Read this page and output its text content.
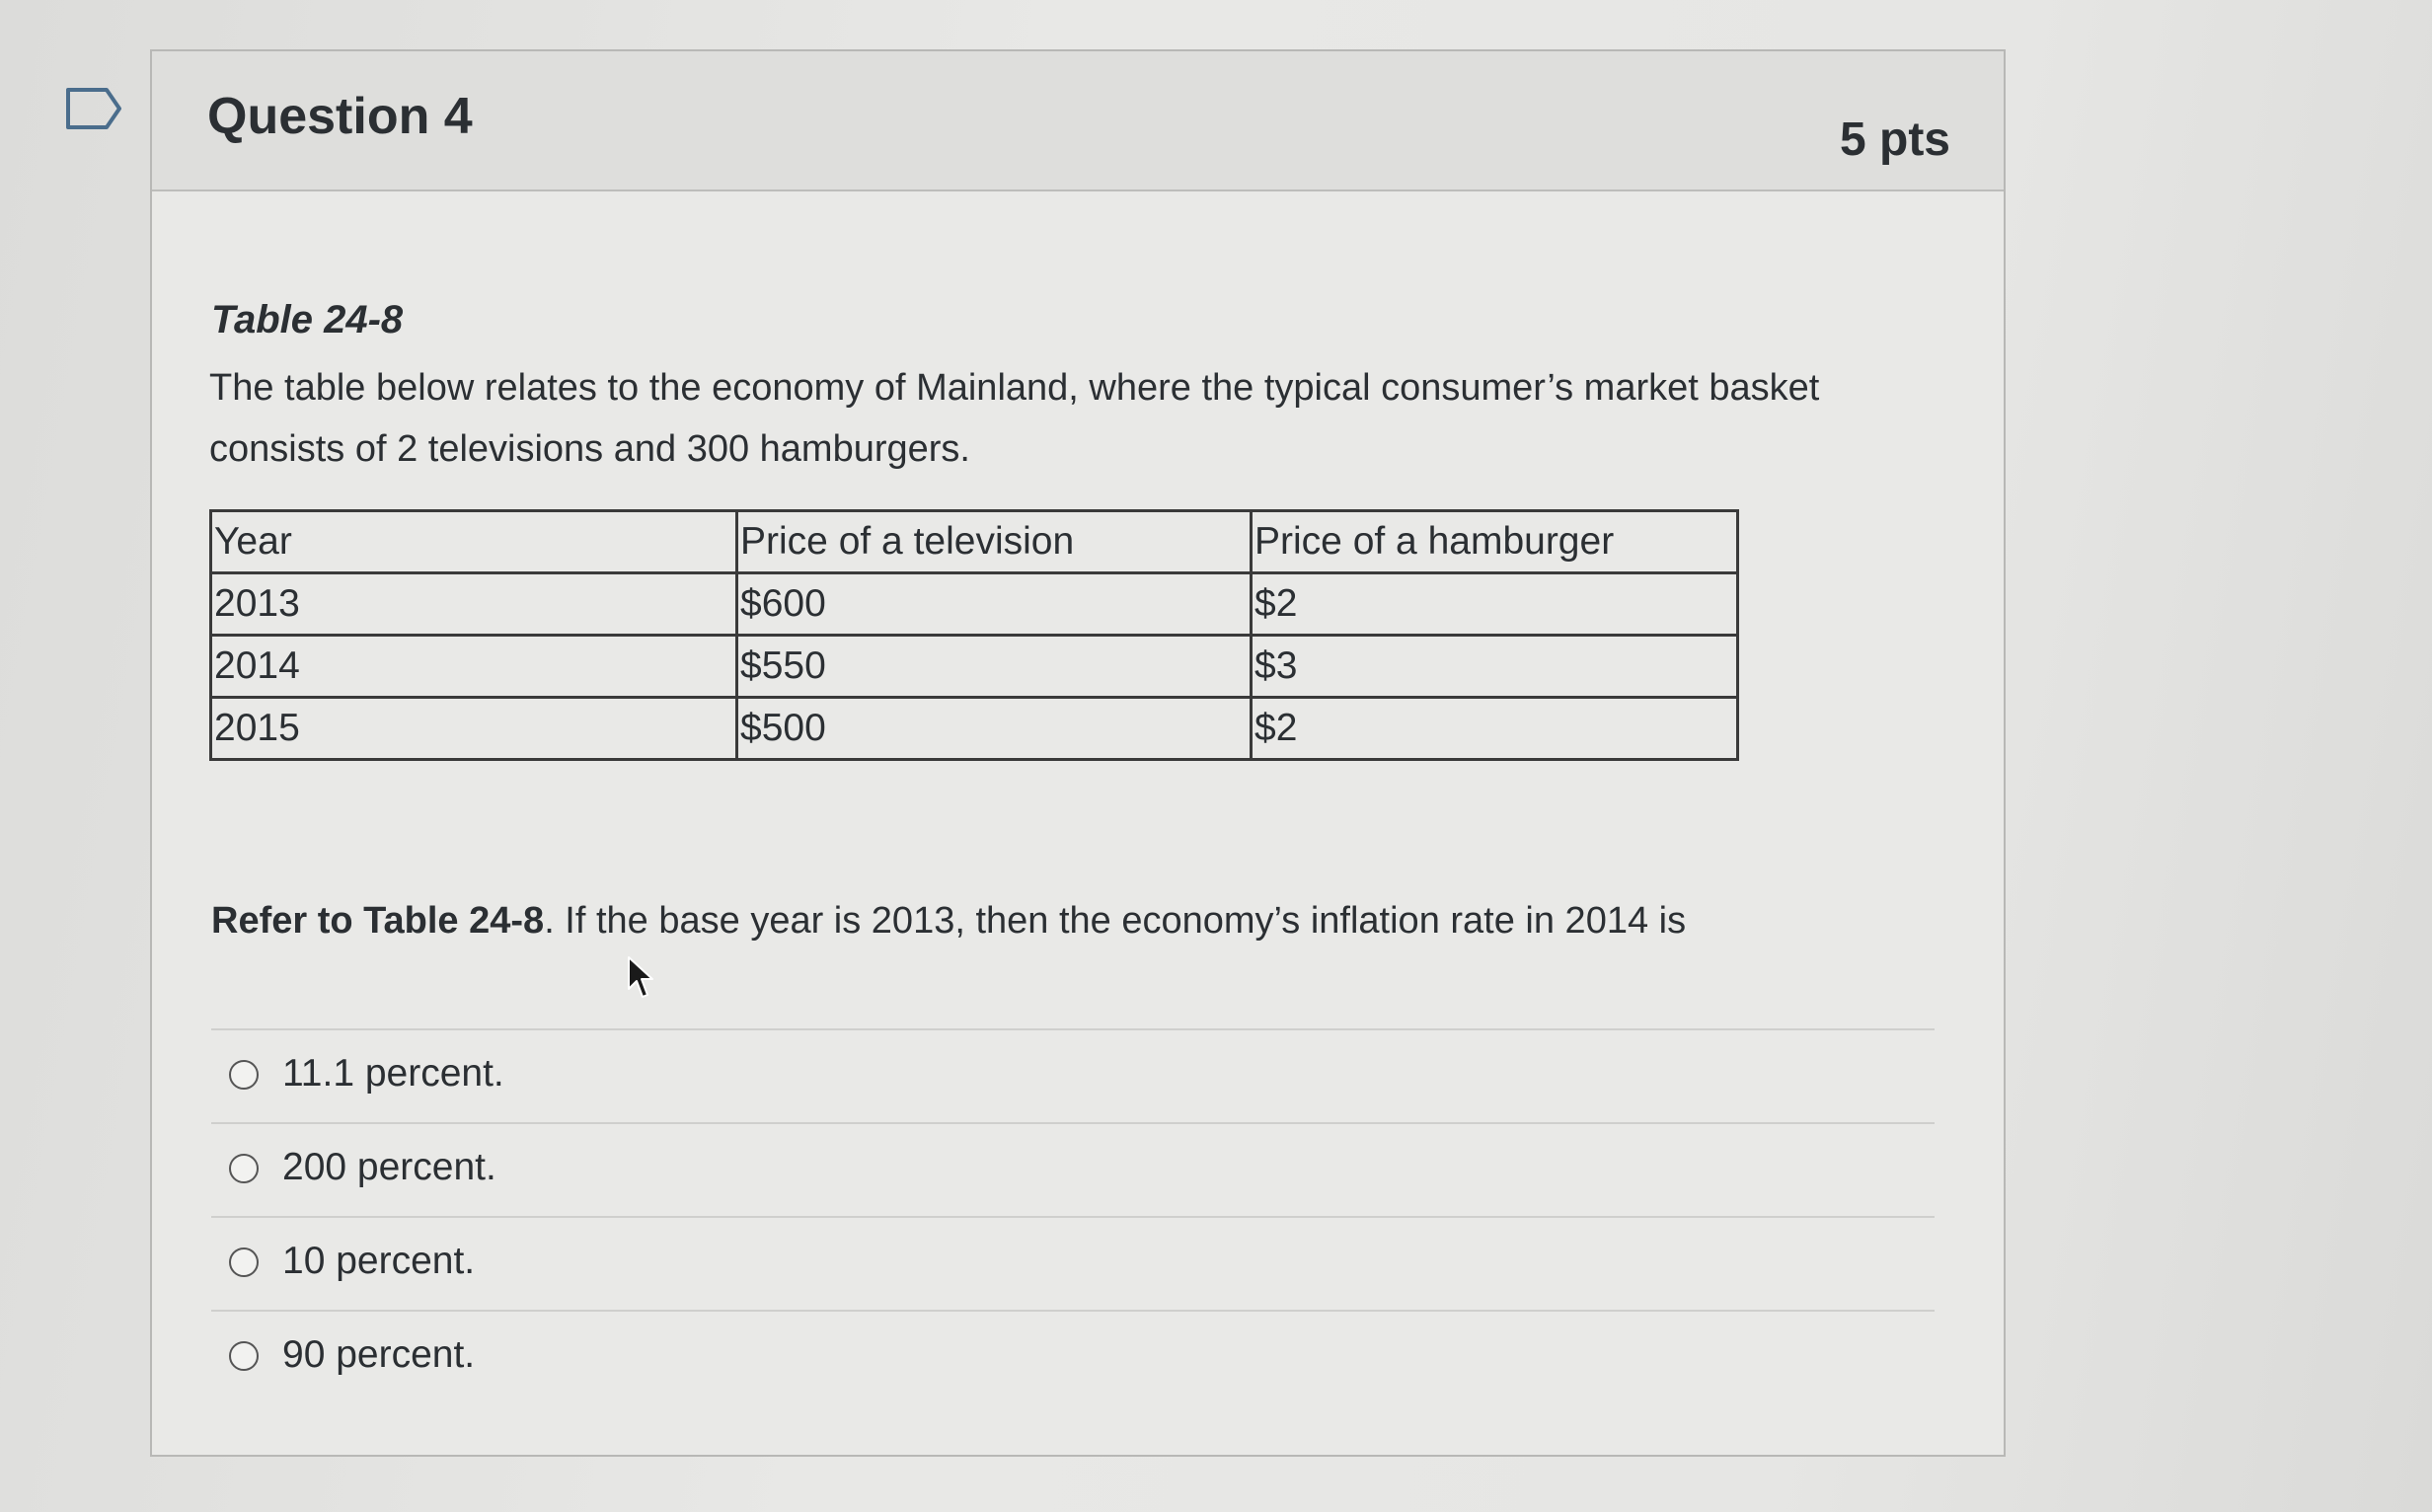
Question 4	5 pts
Table 24-8
The table below relates to the economy of Mainland, where the typical consumer’s market basket consists of 2 televisions and 300 hamburgers.
Year	Price of a television	Price of a hamburger
2013	$600	$2
2014	$550	$3
2015	$500	$2
Refer to Table 24-8. If the base year is 2013, then the economy’s inflation rate in 2014 is
11.1 percent.
200 percent.
10 percent.
90 percent.
